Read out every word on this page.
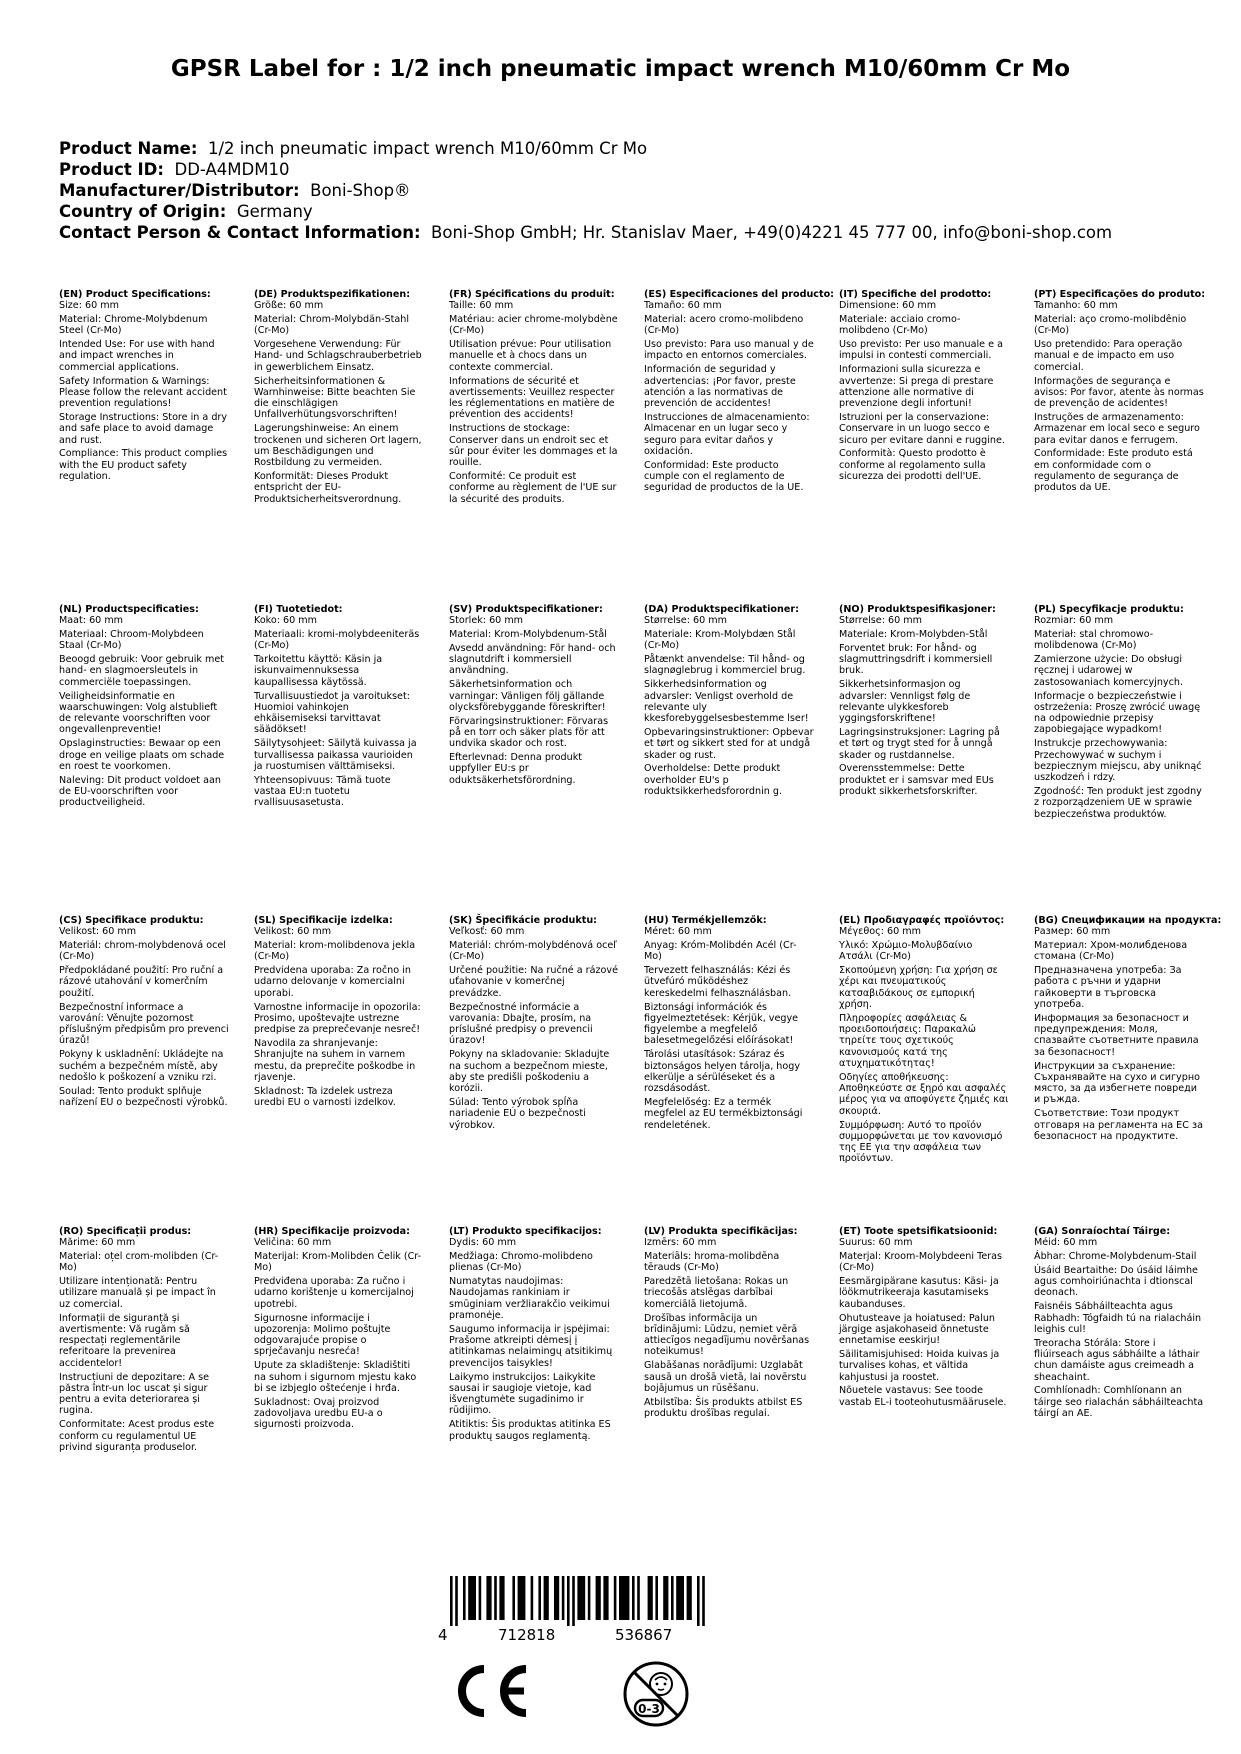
GPSR Label for : 1/2 inch pneumatic impact wrench M10/60mm Cr Mo
Product Name: 1/2 inch pneumatic impact wrench M10/60mm Cr Mo
Product ID: DD-A4MDM10
Manufacturer/Distributor: Boni-Shop®
Country of Origin: Germany
Contact Person & Contact Information: Boni-Shop GmbH; Hr. Stanislav Maer, +49(0)4221 45 777 00, info@boni-shop.com
(EN) Product Specifications:

Size: 60 mm

Material: Chrome-Molybdenum Steel (Cr-Mo)

Intended Use: For use with hand and impact wrenches in commercial applications.

Safety Information & Warnings: Please follow the relevant accident prevention regulations!

Storage Instructions: Store in a dry and safe place to avoid damage and rust.

Compliance: This product complies with the EU product safety regulation.

(DE) Produktspezifikationen:

Größe: 60 mm

Material: Chrom-Molybdän-Stahl (Cr-Mo)

Vorgesehene Verwendung: Für Hand- und Schlagschrauberbetrieb in gewerblichem Einsatz.

Sicherheitsinformationen & Warnhinweise: Bitte beachten Sie die einschlägigen Unfallverhütungsvorschriften!

Lagerungshinweise: An einem trockenen und sicheren Ort lagern, um Beschädigungen und Rostbildung zu vermeiden.

Konformität: Dieses Produkt entspricht der EU-Produktsicherheitsverordnung.

(FR) Spécifications du produit:

Taille: 60 mm

Matériau: acier chrome-molybdène (Cr-Mo)

Utilisation prévue: Pour utilisation manuelle et à chocs dans un contexte commercial.

Informations de sécurité et avertissements: Veuillez respecter les réglementations en matière de prévention des accidents!

Instructions de stockage: Conserver dans un endroit sec et sûr pour éviter les dommages et la rouille.

Conformité: Ce produit est conforme au règlement de l'UE sur la sécurité des produits.

(ES) Especificaciones del producto:

Tamaño: 60 mm

Material: acero cromo-molibdeno (Cr-Mo)

Uso previsto: Para uso manual y de impacto en entornos comerciales.

Información de seguridad y advertencias: ¡Por favor, preste atención a las normativas de prevención de accidentes!

Instrucciones de almacenamiento: Almacenar en un lugar seco y seguro para evitar daños y oxidación.

Conformidad: Este producto cumple con el reglamento de seguridad de productos de la UE.

(IT) Specifiche del prodotto:

Dimensione: 60 mm

Materiale: acciaio cromo-molibdeno (Cr-Mo)

Uso previsto: Per uso manuale e a impulsi in contesti commerciali.

Informazioni sulla sicurezza e avvertenze: Si prega di prestare attenzione alle normative di prevenzione degli infortuni!

Istruzioni per la conservazione: Conservare in un luogo secco e sicuro per evitare danni e ruggine.

Conformità: Questo prodotto è conforme al regolamento sulla sicurezza dei prodotti dell'UE.

(PT) Especificações do produto:

Tamanho: 60 mm

Material: aço cromo-molibdênio (Cr-Mo)

Uso pretendido: Para operação manual e de impacto em uso comercial.

Informações de segurança e avisos: Por favor, atente às normas de prevenção de acidentes!

Instruções de armazenamento: Armazenar em local seco e seguro para evitar danos e ferrugem.

Conformidade: Este produto está em conformidade com o regulamento de segurança de produtos da UE.

(NL) Productspecificaties:

Maat: 60 mm

Materiaal: Chroom-Molybdeen Staal (Cr-Mo)

Beoogd gebruik: Voor gebruik met hand- en slagmoersleutels in commerciële toepassingen.

Veiligheidsinformatie en waarschuwingen: Volg alstublieft de relevante voorschriften voor ongevallenpreventie!

Opslaginstructies: Bewaar op een droge en veilige plaats om schade en roest te voorkomen.

Naleving: Dit product voldoet aan de EU-voorschriften voor productveiligheid.

(FI) Tuotetiedot:

Koko: 60 mm

Materiaali: kromi-molybdeeniteräs (Cr-Mo)

Tarkoitettu käyttö: Käsin ja iskunvaimennuksessa kaupallisessa käytössä.

Turvallisuustiedot ja varoitukset: Huomioi vahinkojen ehkäisemiseksi tarvittavat säädökset!

Säilytysohjeet: Säilytä kuivassa ja turvallisessa paikassa vaurioiden ja ruostumisen välttämiseksi.

Yhteensopivuus: Tämä tuote vastaa EU:n tuotetu rvallisuusasetusta.

(SV) Produktspecifikationer:

Storlek: 60 mm

Material: Krom-Molybdenum-Stål

Avsedd användning: För hand- och slagnutdrift i kommersiell användning.

Säkerhetsinformation och varningar: Vänligen följ gällande olycksförebyggande föreskrifter!

Förvaringsinstruktioner: Förvaras på en torr och säker plats för att undvika skador och rost.

Efterlevnad: Denna produkt uppfyller EU:s pr oduktsäkerhetsförordning.

(DA) Produktspecifikationer:

Størrelse: 60 mm

Materiale: Krom-Molybdæn Stål (Cr-Mo)

Påtænkt anvendelse: Til hånd- og slagnøglebrug i kommerciel brug.

Sikkerhedsinformation og advarsler: Venligst overhold de relevante uly kkesforebyggelsesbestemme lser!

Opbevaringsinstruktioner: Opbevar et tørt og sikkert sted for at undgå skader og rust.

Overholdelse: Dette produkt overholder EU's p roduktsikkerhedsforordnin g.

(NO) Produktspesifikasjoner:

Størrelse: 60 mm

Materiale: Krom-Molybden-Stål

Forventet bruk: For hånd- og slagmuttringsdrift i kommersiell bruk.

Sikkerhetsinformasjon og advarsler: Vennligst følg de relevante ulykkesforeb yggingsforskriftene!

Lagringsinstruksjoner: Lagring på et tørt og trygt sted for å unngå skader og rustdannelse.

Overensstemmelse: Dette produktet er i samsvar med EUs produkt sikkerhetsforskrifter.

(PL) Specyfikacje produktu:

Rozmiar: 60 mm

Materiał: stal chromowo-molibdenowa (Cr-Mo)

Zamierzone użycie: Do obsługi ręcznej i udarowej w zastosowaniach komercyjnych.

Informacje o bezpieczeństwie i ostrzeżenia: Proszę zwrócić uwagę na odpowiednie przepisy zapobiegające wypadkom!

Instrukcje przechowywania: Przechowywać w suchym i bezpiecznym miejscu, aby uniknąć uszkodzeń i rdzy.

Zgodność: Ten produkt jest zgodny z rozporządzeniem UE w sprawie bezpieczeństwa produktów.

(CS) Specifikace produktu:

Velikost: 60 mm

Materiál: chrom-molybdenová ocel (Cr-Mo)

Předpokládané použití: Pro ruční a rázové utahování v komerčním použití.

Bezpečnostní informace a varování: Věnujte pozornost příslušným předpisům pro prevenci úrazů!

Pokyny k uskladnění: Ukládejte na suchém a bezpečném místě, aby nedošlo k poškození a vzniku rzi.

Soulad: Tento produkt splňuje nařízení EU o bezpečnosti výrobků.

(SL) Specifikacije izdelka:

Velikost: 60 mm

Material: krom-molibdenova jekla (Cr-Mo)

Predvidena uporaba: Za ročno in udarno delovanje v komercialni uporabi.

Varnostne informacije in opozorila: Prosimo, upoštevajte ustrezne predpise za preprečevanje nesreč!

Navodila za shranjevanje: Shranjujte na suhem in varnem mestu, da preprečite poškodbe in rjavenje.

Skladnost: Ta izdelek ustreza uredbi EU o varnosti izdelkov.

(SK) Špecifikácie produktu:

Veľkosť: 60 mm

Materiál: chróm-molybdénová oceľ (Cr-Mo)

Určené použitie: Na ručné a rázové uťahovanie v komerčnej prevádzke.

Bezpečnostné informácie a varovania: Dbajte, prosím, na príslušné predpisy o prevencii úrazov!

Pokyny na skladovanie: Skladujte na suchom a bezpečnom mieste, aby ste predišli poškodeniu a korózii.

Súlad: Tento výrobok spĺňa nariadenie EÚ o bezpečnosti výrobkov.

(HU) Termékjellemzők:

Méret: 60 mm

Anyag: Króm-Molibdén Acél (Cr-Mo)

Tervezett felhasználás: Kézi és ütvefúró működéshez kereskedelmi felhasználásban.

Biztonsági információk és figyelmeztetések: Kérjük, vegye figyelembe a megfelelő balesetmegelőzési előírásokat!

Tárolási utasítások: Száraz és biztonságos helyen tárolja, hogy elkerülje a sérüléseket és a rozsdásodást.

Megfelelőség: Ez a termék megfelel az EU termékbiztonsági rendeletének.

(EL) Προδιαγραφές προϊόντος:

Μέγεθος: 60 mm

Υλικό: Χρώμιο-Μολυβδαίνιο Ατσάλι (Cr-Mo)

Σκοπούμενη χρήση: Για χρήση σε χέρι και πνευματικούς κατσαβιδάκους σε εμπορική χρήση.

Πληροφορίες ασφάλειας & προειδοποιήσεις: Παρακαλώ τηρείτε τους σχετικούς κανονισμούς κατά της ατυχηματικότητας!

Οδηγίες αποθήκευσης: Αποθηκεύστε σε ξηρό και ασφαλές μέρος για να αποφύγετε ζημιές και σκουριά.

Συμμόρφωση: Αυτό το προϊόν συμμορφώνεται με τον κανονισμό της ΕΕ για την ασφάλεια των προϊόντων.

(BG) Спецификации на продукта:

Размер: 60 mm

Материал: Хром-молибденова стомана (Cr-Mo)

Предназначена употреба: За работа с ръчни и ударни гайковерти в търговска употреба.

Информация за безопасност и предупреждения: Моля, спазвайте съответните правила за безопасност!

Инструкции за съхранение: Съхранявайте на сухо и сигурно място, за да избегнете повреди и ръжда.

Съответствие: Този продукт отговаря на регламента на ЕС за безопасност на продуктите.

(RO) Specificații produs:

Mărime: 60 mm

Material: oțel crom-molibden (Cr-Mo)

Utilizare intenționată: Pentru utilizare manuală și pe impact în uz comercial.

Informații de siguranță și avertismente: Vă rugăm să respectați reglementările referitoare la prevenirea accidentelor!

Instrucțiuni de depozitare: A se păstra într-un loc uscat și sigur pentru a evita deteriorarea și rugina.

Conformitate: Acest produs este conform cu regulamentul UE privind siguranța produselor.

(HR) Specifikacije proizvoda:

Veličina: 60 mm

Materijal: Krom-Molibden Čelik (Cr-Mo)

Predviđena uporaba: Za ručno i udarno korištenje u komercijalnoj upotrebi.

Sigurnosne informacije i upozorenja: Molimo poštujte odgovarajuće propise o sprječavanju nesreća!

Upute za skladištenje: Skladištiti na suhom i sigurnom mjestu kako bi se izbjeglo oštećenje i hrđa.

Sukladnost: Ovaj proizvod zadovoljava uredbu EU-a o sigurnosti proizvoda.

(LT) Produkto specifikacijos:

Dydis: 60 mm

Medžiaga: Chromo-molibdeno plienas (Cr-Mo)

Numatytas naudojimas: Naudojamas rankiniam ir smūginiam veržliarakčio veikimui pramonėje.

Saugumo informacija ir įspėjimai: Prašome atkreipti dėmesį į atitinkamas nelaimingų atsitikimų prevencijos taisykles!

Laikymo instrukcijos: Laikykite sausai ir saugioje vietoje, kad išvengtumėte sugadinimo ir rūdijimo.

Atitiktis: Šis produktas atitinka ES produktų saugos reglamentą.

(LV) Produkta specifikācijas:

Izmērs: 60 mm

Materiāls: hroma-molibdēna tērauds (Cr-Mo)

Paredzētā lietošana: Rokas un triecošās atslēgas darbībai komerciālā lietojumā.

Drošības informācija un brīdinājumi: Lūdzu, ņemiet vērā attiecīgos negadījumu novēršanas noteikumus!

Glabāšanas norādījumi: Uzglabāt sausā un drošā vietā, lai novērstu bojājumus un rūsēšanu.

Atbilstība: Šis produkts atbilst ES produktu drošības regulai.

(ET) Toote spetsifikatsioonid:

Suurus: 60 mm

Materjal: Kroom-Molybdeeni Teras (Cr-Mo)

Eesmärgipärane kasutus: Käsi- ja löökmutrikeeraja kasutamiseks kaubanduses.

Ohutusteave ja hoiatused: Palun järgige asjakohaseid õnnetuste ennetamise eeskirju!

Säilitamisjuhised: Hoida kuivas ja turvalises kohas, et vältida kahjustusi ja roostet.

Nõuetele vastavus: See toode vastab EL-i tooteohutusmäärusele.

(GA) Sonraíochtaí Táirge:

Méid: 60 mm

Ábhar: Chrome-Molybdenum-Stail

Úsáid Beartaithe: Do úsáid láimhe agus comhoiriúnachta i dtionscal deonach.

Faisnéis Sábháilteachta agus Rabhadh: Tógfaidh tú na rialacháin leighis cul!

Treoracha Stórála: Store i fliúirseach agus sábháilte a láthair chun damáiste agus creimeadh a sheachaint.

Comhlíonadh: Comhlíonann an táirge seo rialachán sábháilteachta táirgí an AE.

4	712818	536867
0-3
